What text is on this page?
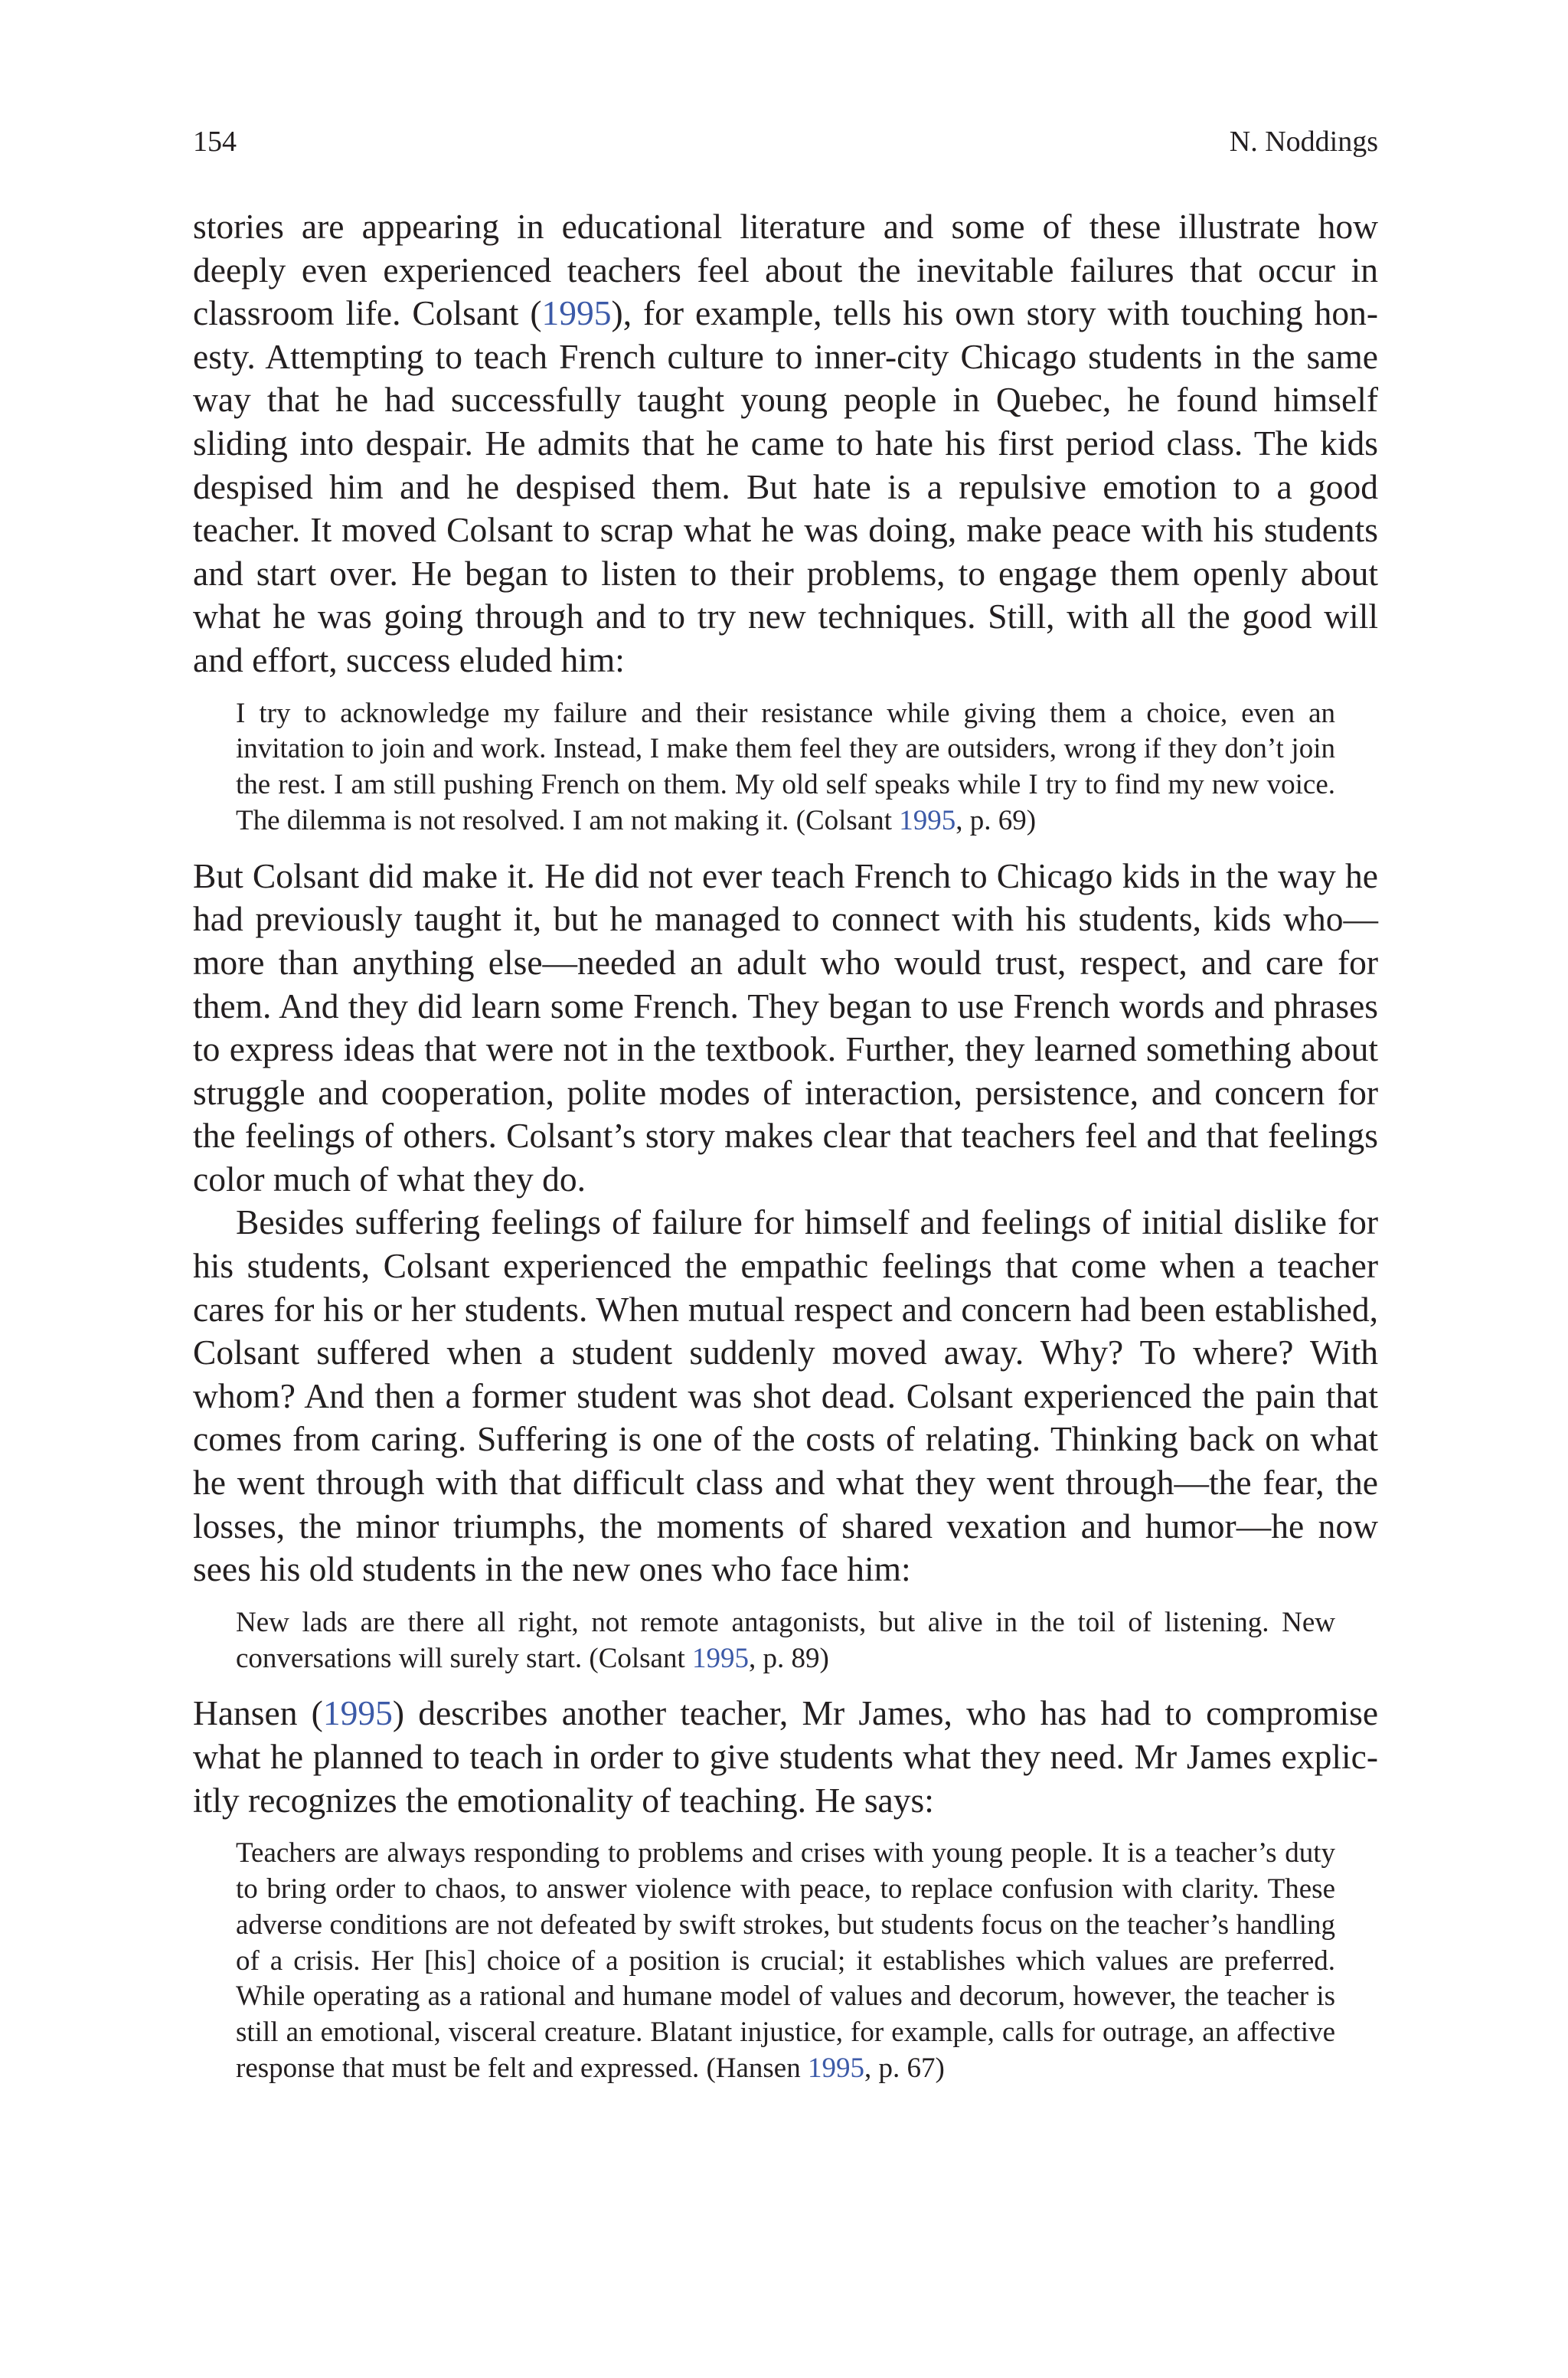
154	N. Noddings

stories are appearing in educational literature and some of these illustrate how deeply even experienced teachers feel about the inevitable failures that occur in classroom life. Colsant (1995), for example, tells his own story with touching honesty. Attempting to teach French culture to inner-city Chicago students in the same way that he had successfully taught young people in Quebec, he found himself sliding into despair. He admits that he came to hate his first period class. The kids despised him and he despised them. But hate is a repulsive emotion to a good teacher. It moved Colsant to scrap what he was doing, make peace with his students and start over. He began to listen to their problems, to engage them openly about what he was going through and to try new techniques. Still, with all the good will and effort, success eluded him:

I try to acknowledge my failure and their resistance while giving them a choice, even an invitation to join and work. Instead, I make them feel they are outsiders, wrong if they don’t join the rest. I am still pushing French on them. My old self speaks while I try to find my new voice. The dilemma is not resolved. I am not making it. (Colsant 1995, p. 69)

But Colsant did make it. He did not ever teach French to Chicago kids in the way he had previously taught it, but he managed to connect with his students, kids who—more than anything else—needed an adult who would trust, respect, and care for them. And they did learn some French. They began to use French words and phrases to express ideas that were not in the textbook. Further, they learned something about struggle and cooperation, polite modes of interaction, persistence, and concern for the feelings of others. Colsant’s story makes clear that teachers feel and that feelings color much of what they do.

Besides suffering feelings of failure for himself and feelings of initial dislike for his students, Colsant experienced the empathic feelings that come when a teacher cares for his or her students. When mutual respect and concern had been established, Colsant suffered when a student suddenly moved away. Why? To where? With whom? And then a former student was shot dead. Colsant experienced the pain that comes from caring. Suffering is one of the costs of relating. Thinking back on what he went through with that difficult class and what they went through—the fear, the losses, the minor triumphs, the moments of shared vexation and humor—he now sees his old students in the new ones who face him:

New lads are there all right, not remote antagonists, but alive in the toil of listening. New conversations will surely start. (Colsant 1995, p. 89)

Hansen (1995) describes another teacher, Mr James, who has had to compromise what he planned to teach in order to give students what they need. Mr James explicitly recognizes the emotionality of teaching. He says:

Teachers are always responding to problems and crises with young people. It is a teacher’s duty to bring order to chaos, to answer violence with peace, to replace confusion with clarity. These adverse conditions are not defeated by swift strokes, but students focus on the teacher’s handling of a crisis. Her [his] choice of a position is crucial; it establishes which values are preferred. While operating as a rational and humane model of values and decorum, however, the teacher is still an emotional, visceral creature. Blatant injustice, for example, calls for outrage, an affective response that must be felt and expressed. (Hansen 1995, p. 67)
